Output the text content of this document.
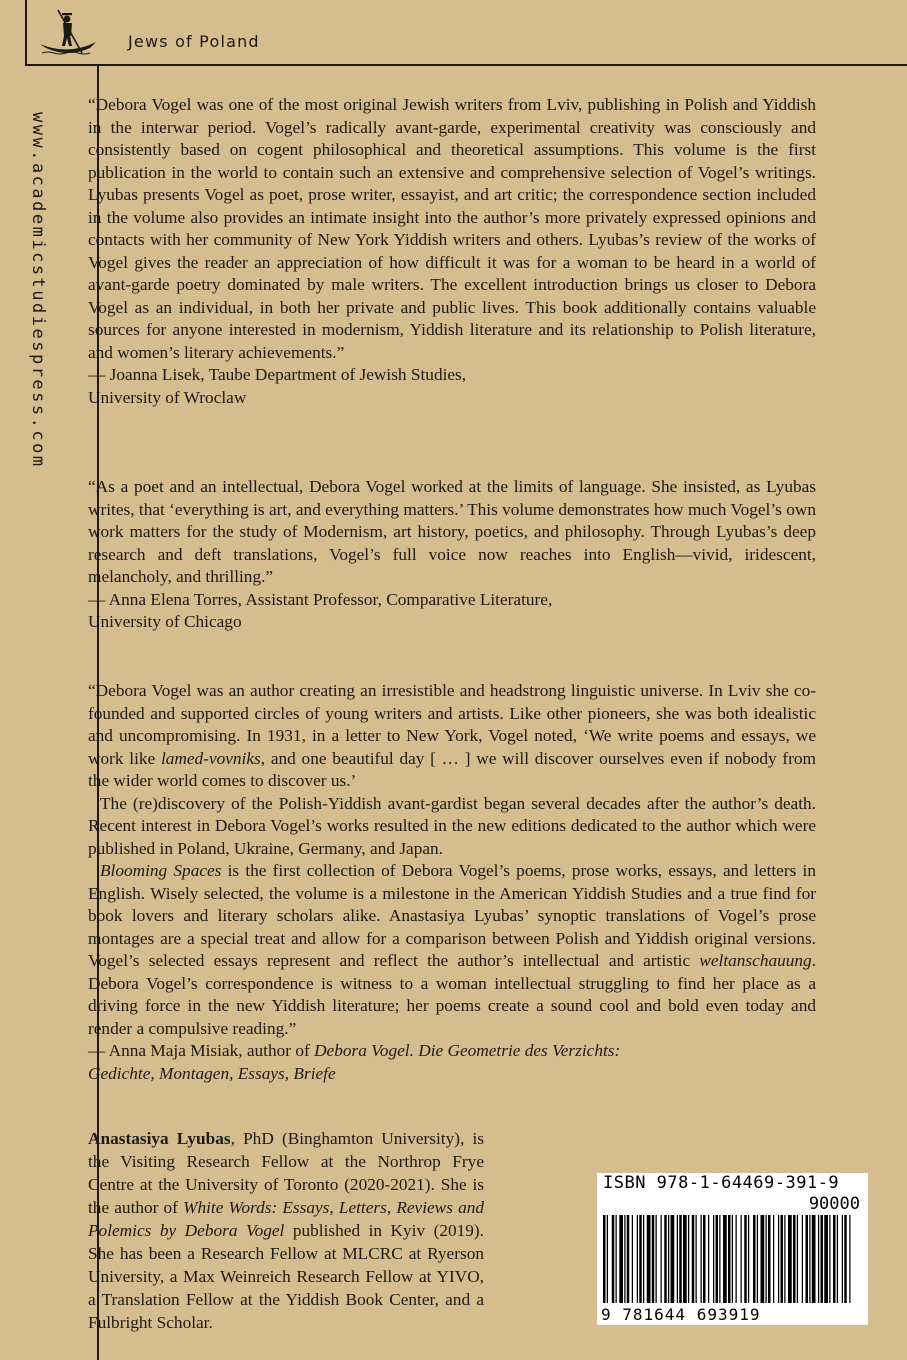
Jews of Poland
www.academicstudiespress.com

“Debora Vogel was one of the most original Jewish writers from Lviv, publishing in Polish and Yiddish in the interwar period. Vogel’s radically avant-garde, experimental creativity was consciously and consistently based on cogent philosophical and theoretical assumptions. This volume is the first publication in the world to contain such an extensive and comprehensive selection of Vogel’s writings. Lyubas presents Vogel as poet, prose writer, essayist, and art critic; the correspondence section included in the volume also provides an intimate insight into the author’s more privately expressed opinions and contacts with her community of New York Yiddish writers and others. Lyubas’s review of the works of Vogel gives the reader an appreciation of how difficult it was for a woman to be heard in a world of avant-garde poetry dominated by male writers. The excellent introduction brings us closer to Debora Vogel as an individual, in both her private and public lives. This book additionally contains valuable sources for anyone interested in modernism, Yiddish literature and its relationship to Polish literature, and women’s literary achievements.”

— Joanna Lisek, Taube Department of Jewish Studies,
University of Wroclaw

“As a poet and an intellectual, Debora Vogel worked at the limits of language. She insisted, as Lyubas writes, that ‘everything is art, and everything matters.’ This volume demonstrates how much Vogel’s own work matters for the study of Modernism, art history, poetics, and philosophy. Through Lyubas’s deep research and deft translations, Vogel’s full voice now reaches into English—vivid, iridescent, melancholy, and thrilling.”

— Anna Elena Torres, Assistant Professor, Comparative Literature,
University of Chicago

“Debora Vogel was an author creating an irresistible and headstrong linguistic universe. In Lviv she co-founded and supported circles of young writers and artists. Like other pioneers, she was both idealistic and uncompromising. In 1931, in a letter to New York, Vogel noted, ‘We write poems and essays, we work like lamed-vovniks, and one beautiful day [ … ] we will discover ourselves even if nobody from the wider world comes to discover us.’

The (re)discovery of the Polish-Yiddish avant-gardist began several decades after the author’s death. Recent interest in Debora Vogel’s works resulted in the new editions dedicated to the author which were published in Poland, Ukraine, Germany, and Japan.

Blooming Spaces is the first collection of Debora Vogel’s poems, prose works, essays, and letters in English. Wisely selected, the volume is a milestone in the American Yiddish Studies and a true find for book lovers and literary scholars alike. Anastasiya Lyubas’ synoptic translations of Vogel’s prose montages are a special treat and allow for a comparison between Polish and Yiddish original versions. Vogel’s selected essays represent and reflect the author’s intellectual and artistic weltanschauung. Debora Vogel’s correspondence is witness to a woman intellectual struggling to find her place as a driving force in the new Yiddish literature; her poems create a sound cool and bold even today and render a compulsive reading.”

— Anna Maja Misiak, author of Debora Vogel. Die Geometrie des Verzichts:
Gedichte, Montagen, Essays, Briefe

Anastasiya Lyubas, PhD (Binghamton University), is the Visiting Research Fellow at the Northrop Frye Centre at the University of Toronto (2020-2021). She is the author of White Words: Essays, Letters, Reviews and Polemics by Debora Vogel published in Kyiv (2019). She has been a Research Fellow at MLCRC at Ryerson University, a Max Weinreich Research Fellow at YIVO, a Translation Fellow at the Yiddish Book Center, and a Fulbright Scholar.
ISBN 978-1-64469-391-9
90000
9 781644 693919
